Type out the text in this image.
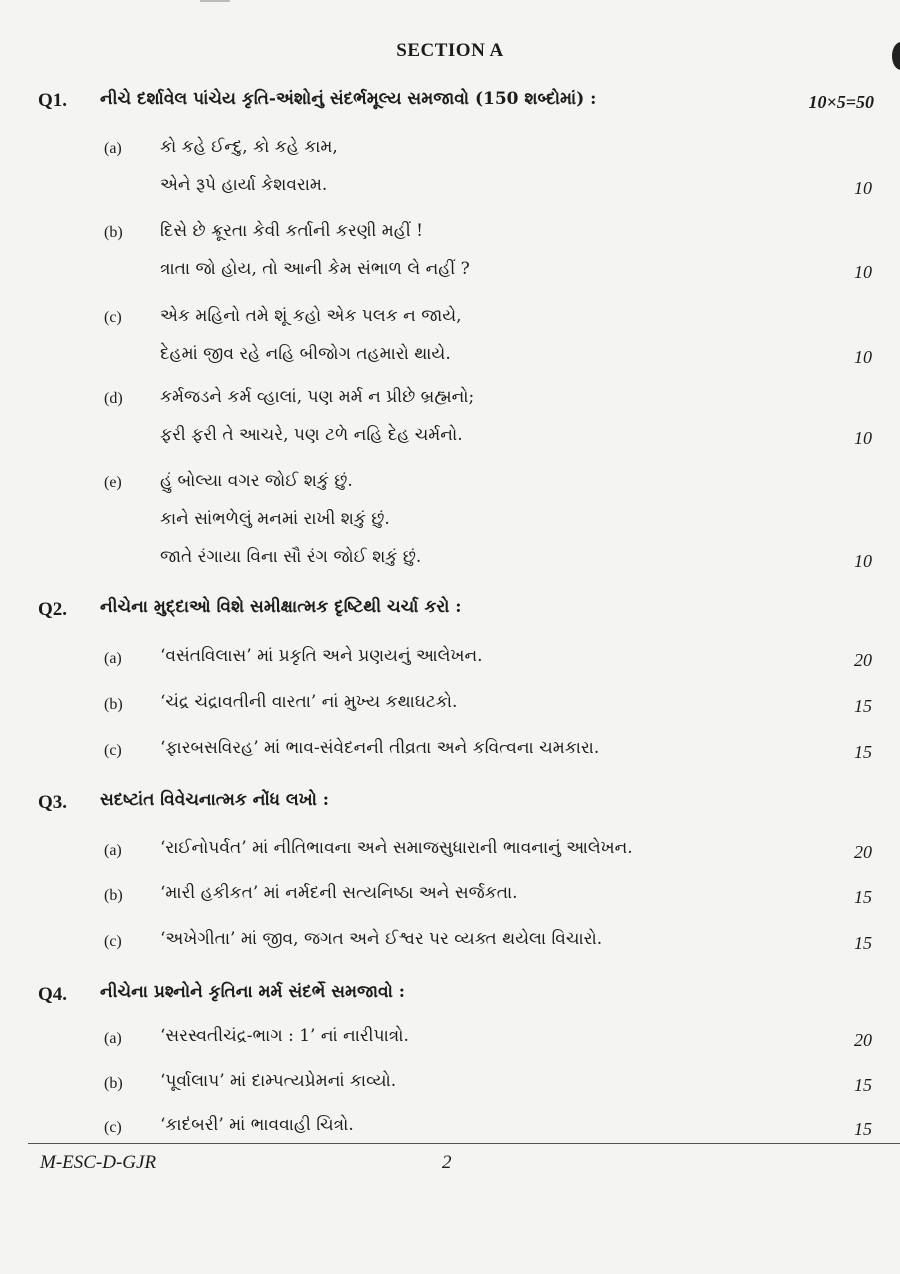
SECTION A
Q1. નીચે દર્શાવેલ પાંચેય કૃતિ-અંશોનું સંદર્ભમૂલ્ય સમજાવો (150 શબ્દોમાં) :	10×5=50
(a) કો કહે ઈન્દુ, કો કહે કામ,
એને રૂપે હાર્યા કેશવરામ.	10
(b) દિસે છે ક્રૂરતા કેવી કર્તાની કરણી મહીં !
ત્રાતા જો હોય, તો આની કેમ સંભાળ લે નહીં ?	10
(c) એક મહિનો તમે શૂં કહો એક પલક ન જાયે,
દેહમાં જીવ રહે નહિ બીજોગ તહમારો થાયે.	10
(d) કર્મજડને કર્મ વ્હાલાં, પણ મર્મ ન પ્રીછે બ્રહ્મનો;
ફરી ફરી તે આચરે, પણ ટળે નહિ દેહ ચર્મનો.	10
(e) હું બોલ્યા વગર જોઈ શકું છું.
કાને સાંભળેલું મનમાં રાખી શકું છું.
જાતે રંગાયા વિના સૌ રંગ જોઈ શકું છું.	10
Q2. નીચેના મુદ્દાઓ વિશે સમીક્ષાત્મક દૃષ્ટિથી ચર્ચા કરો :
(a) ‘વસંતવિલાસ’ માં પ્રકૃતિ અને પ્રણયનું આલેખન.	20
(b) ‘ચંદ્ર ચંદ્રાવતીની વારતા’ નાં મુખ્ય કથાઘટકો.	15
(c) ‘ફારબસવિરહ’ માં ભાવ-સંવેદનની તીવ્રતા અને કવિત્વના ચમકારા.	15
Q3. સદષ્ટાંત વિવેચનાત્મક નોંધ લખો :
(a) ‘રાઈનોપર્વત’ માં નીતિભાવના અને સમાજસુધારાની ભાવનાનું આલેખન.	20
(b) ‘મારી હકીકત’ માં નર્મદની સત્યનિષ્ઠા અને સર્જકતા.	15
(c) ‘અખેગીતા’ માં જીવ, જગત અને ઈશ્વર પર વ્યક્ત થયેલા વિચારો.	15
Q4. નીચેના પ્રશ્નોને કૃતિના મર્મ સંદર્ભે સમજાવો :
(a) ‘સરસ્વતીચંદ્ર-ભાગ : 1’ નાં નારીપાત્રો.	20
(b) ‘પૂર્વાલાપ’ માં દામ્પત્યપ્રેમનાં કાવ્યો.	15
(c) ‘કાદંબરી’ માં ભાવવાહી ચિત્રો.	15
M-ESC-D-GJR	2
